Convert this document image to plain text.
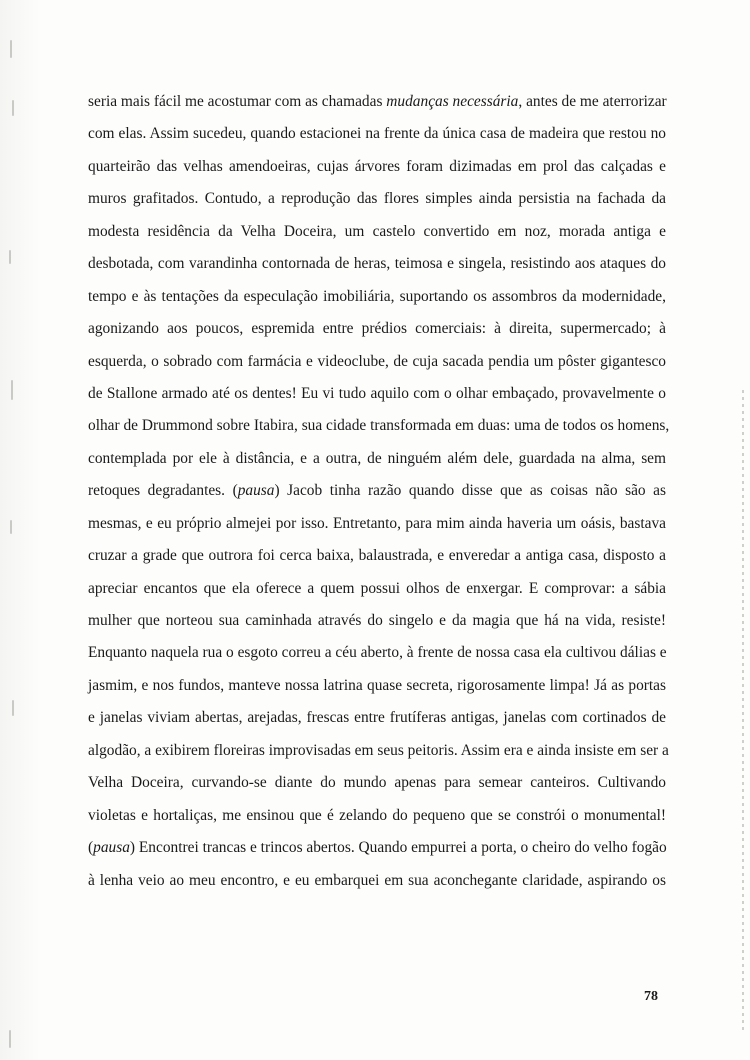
seria mais fácil me acostumar com as chamadas mudanças necessária, antes de me aterrorizar
com elas. Assim sucedeu, quando estacionei na frente da única casa de madeira que restou no
quarteirão das velhas amendoeiras, cujas árvores foram dizimadas em prol das calçadas e
muros grafitados. Contudo, a reprodução das flores simples ainda persistia na fachada da
modesta residência da Velha Doceira, um castelo convertido em noz, morada antiga e
desbotada, com varandinha contornada de heras, teimosa e singela, resistindo aos ataques do
tempo e às tentações da especulação imobiliária, suportando os assombros da modernidade,
agonizando aos poucos, espremida entre prédios comerciais: à direita, supermercado; à
esquerda, o sobrado com farmácia e videoclube, de cuja sacada pendia um pôster gigantesco
de Stallone armado até os dentes! Eu vi tudo aquilo com o olhar embaçado, provavelmente o
olhar de Drummond sobre Itabira, sua cidade transformada em duas: uma de todos os homens,
contemplada por ele à distância, e a outra, de ninguém além dele, guardada na alma, sem
retoques degradantes. (pausa) Jacob tinha razão quando disse que as coisas não são as
mesmas, e eu próprio almejei por isso. Entretanto, para mim ainda haveria um oásis, bastava
cruzar a grade que outrora foi cerca baixa, balaustrada, e enveredar a antiga casa, disposto a
apreciar encantos que ela oferece a quem possui olhos de enxergar. E comprovar: a sábia
mulher que norteou sua caminhada através do singelo e da magia que há na vida, resiste!
Enquanto naquela rua o esgoto correu a céu aberto, à frente de nossa casa ela cultivou dálias e
jasmim, e nos fundos, manteve nossa latrina quase secreta, rigorosamente limpa! Já as portas
e janelas viviam abertas, arejadas, frescas entre frutíferas antigas, janelas com cortinados de
algodão, a exibirem floreiras improvisadas em seus peitoris. Assim era e ainda insiste em ser a
Velha Doceira, curvando-se diante do mundo apenas para semear canteiros. Cultivando
violetas e hortaliças, me ensinou que é zelando do pequeno que se constrói o monumental!
(pausa) Encontrei trancas e trincos abertos. Quando empurrei a porta, o cheiro do velho fogão
à lenha veio ao meu encontro, e eu embarquei em sua aconchegante claridade, aspirando os
78
